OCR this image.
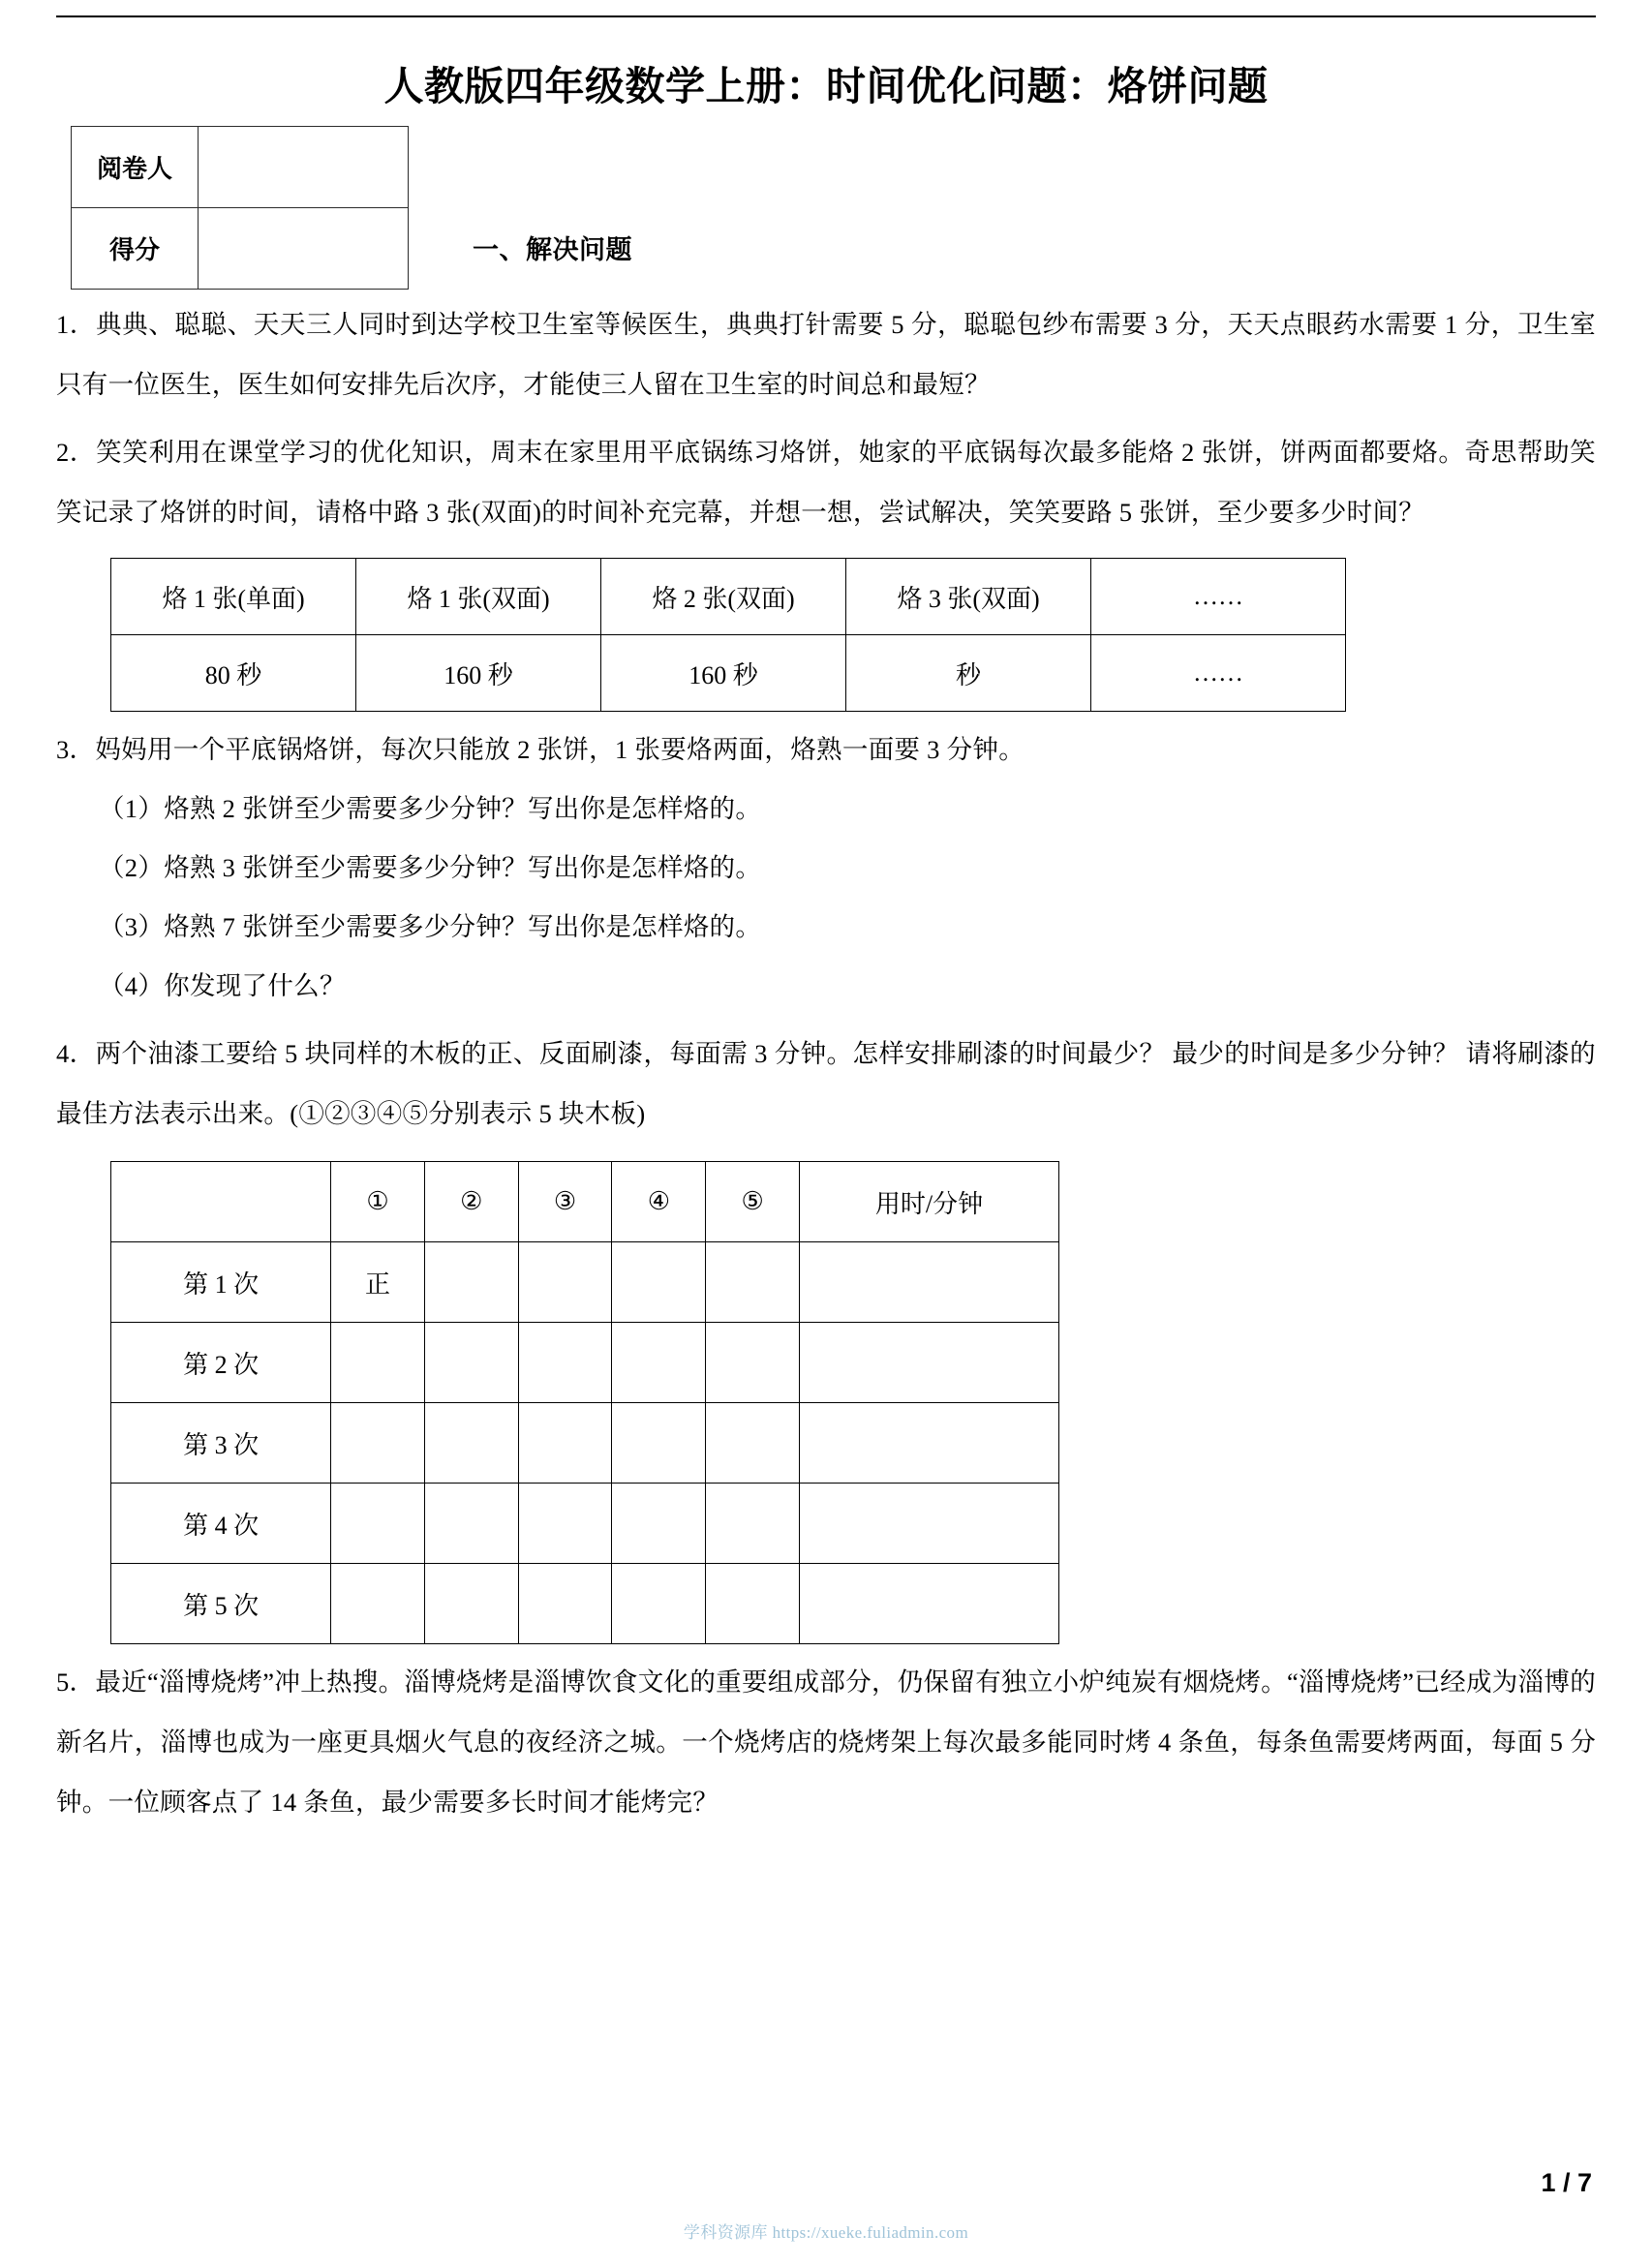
人教版四年级数学上册：时间优化问题：烙饼问题
阅卷人	
得分		一、解决问题

1．典典、聪聪、天天三人同时到达学校卫生室等候医生，典典打针需要 5 分，聪聪包纱布需要 3 分，天天点眼药水需要 1 分，卫生室只有一位医生，医生如何安排先后次序，才能使三人留在卫生室的时间总和最短？

2．笑笑利用在课堂学习的优化知识，周末在家里用平底锅练习烙饼，她家的平底锅每次最多能烙 2 张饼，饼两面都要烙。奇思帮助笑笑记录了烙饼的时间，请格中路 3 张(双面)的时间补充完幕，并想一想，尝试解决，笑笑要路 5 张饼，至少要多少时间？

烙 1 张(单面)	烙 1 张(双面)	烙 2 张(双面)	烙 3 张(双面)	……
80 秒	160 秒	160 秒	秒	……

3．妈妈用一个平底锅烙饼，每次只能放 2 张饼，1 张要烙两面，烙熟一面要 3 分钟。

（1）烙熟 2 张饼至少需要多少分钟？写出你是怎样烙的。

（2）烙熟 3 张饼至少需要多少分钟？写出你是怎样烙的。

（3）烙熟 7 张饼至少需要多少分钟？写出你是怎样烙的。

（4）你发现了什么？

4．两个油漆工要给 5 块同样的木板的正、反面刷漆，每面需 3 分钟。怎样安排刷漆的时间最少？ 最少的时间是多少分钟？ 请将刷漆的最佳方法表示出来。(①②③④⑤分别表示 5 块木板)

	①	②	③	④	⑤	用时/分钟
第 1 次	正					
第 2 次						
第 3 次						
第 4 次						
第 5 次						

5．最近“淄博烧烤”冲上热搜。淄博烧烤是淄博饮食文化的重要组成部分，仍保留有独立小炉纯炭有烟烧烤。“淄博烧烤”已经成为淄博的新名片，淄博也成为一座更具烟火气息的夜经济之城。一个烧烤店的烧烤架上每次最多能同时烤 4 条鱼，每条鱼需要烤两面，每面 5 分钟。一位顾客点了 14 条鱼，最少需要多长时间才能烤完？

1 / 7
学科资源库 https://xueke.fuliadmin.com
